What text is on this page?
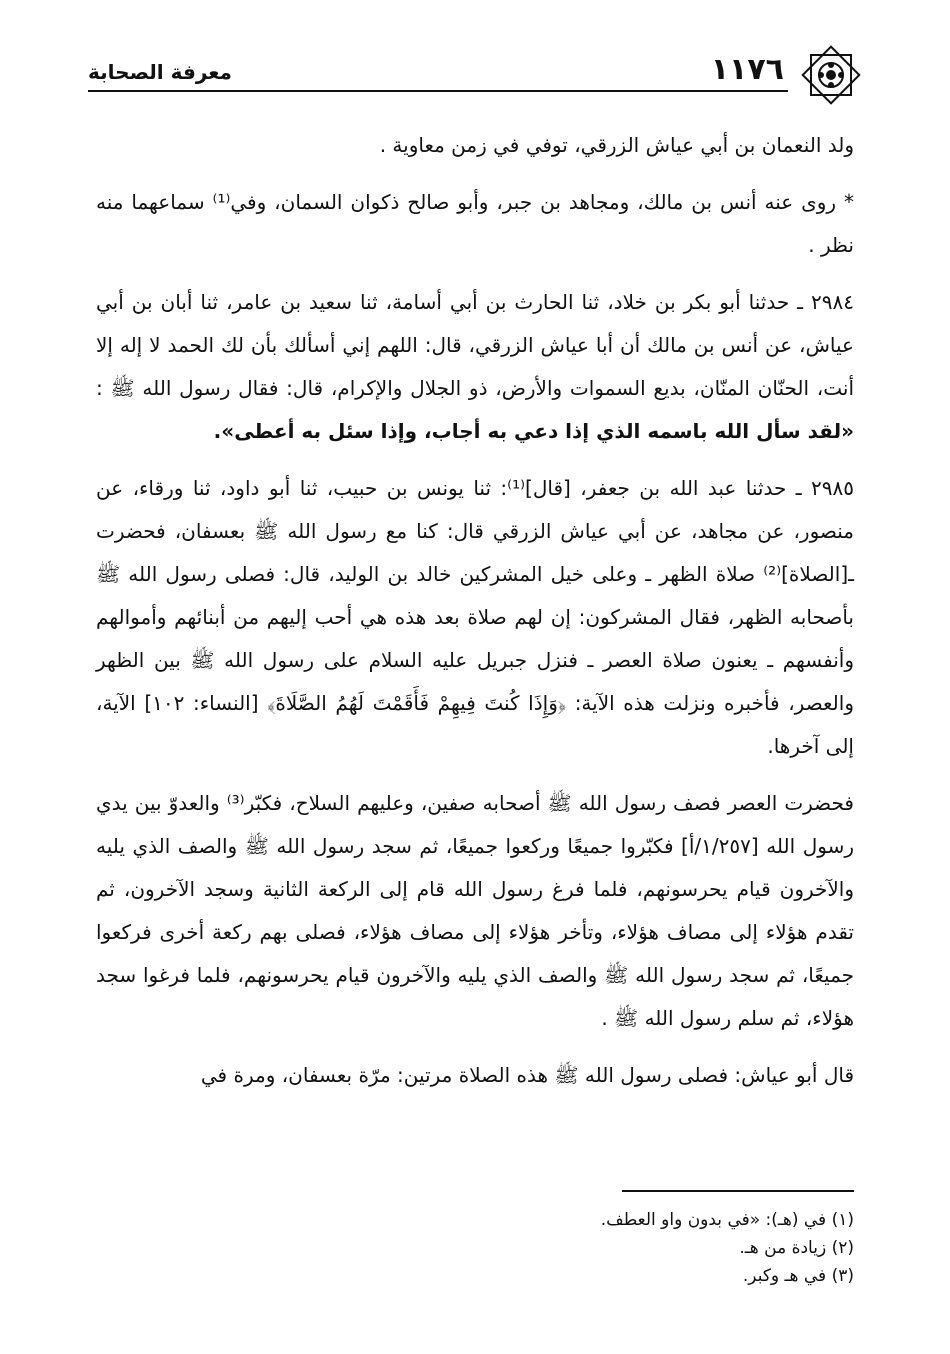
معرفة الصحابة	١١٧٦

ولد النعمان بن أبي عياش الزرقي، توفي في زمن معاوية .

* روى عنه أنس بن مالك، ومجاهد بن جبر، وأبو صالح ذكوان السمان، وفي⁽¹⁾ سماعهما منه نظر .

٢٩٨٤ ـ حدثنا أبو بكر بن خلاد، ثنا الحارث بن أبي أسامة، ثنا سعيد بن عامر، ثنا أبان بن أبي عياش، عن أنس بن مالك أن أبا عياش الزرقي، قال: اللهم إني أسألك بأن لك الحمد لا إله إلا أنت، الحنّان المنّان، بديع السموات والأرض، ذو الجلال والإكرام، قال: فقال رسول الله ﷺ : «لقد سأل الله باسمه الذي إذا دعي به أجاب، وإذا سئل به أعطى».

٢٩٨٥ ـ حدثنا عبد الله بن جعفر، [قال]⁽¹⁾: ثنا يونس بن حبيب، ثنا أبو داود، ثنا ورقاء، عن منصور، عن مجاهد، عن أبي عياش الزرقي قال: كنا مع رسول الله ﷺ بعسفان، فحضرت ـ[الصلاة]⁽²⁾ صلاة الظهر ـ وعلى خيل المشركين خالد بن الوليد، قال: فصلى رسول الله ﷺ بأصحابه الظهر، فقال المشركون: إن لهم صلاة بعد هذه هي أحب إليهم من أبنائهم وأموالهم وأنفسهم ـ يعنون صلاة العصر ـ فنزل جبريل عليه السلام على رسول الله ﷺ بين الظهر والعصر، فأخبره ونزلت هذه الآية: ﴿وَإِذَا كُنتَ فِيهِمْ فَأَقَمْتَ لَهُمُ الصَّلَاةَ﴾ [النساء: ١٠٢] الآية، إلى آخرها.

فحضرت العصر فصف رسول الله ﷺ أصحابه صفين، وعليهم السلاح، فكبّر⁽³⁾ والعدوّ بين يدي رسول الله [١/٢٥٧/أ] فكبّروا جميعًا وركعوا جميعًا، ثم سجد رسول الله ﷺ والصف الذي يليه والآخرون قيام يحرسونهم، فلما فرغ رسول الله قام إلى الركعة الثانية وسجد الآخرون، ثم تقدم هؤلاء إلى مصاف هؤلاء، وتأخر هؤلاء إلى مصاف هؤلاء، فصلى بهم ركعة أخرى فركعوا جميعًا، ثم سجد رسول الله ﷺ والصف الذي يليه والآخرون قيام يحرسونهم، فلما فرغوا سجد هؤلاء، ثم سلم رسول الله ﷺ .

قال أبو عياش: فصلى رسول الله ﷺ هذه الصلاة مرتين: مرّة بعسفان، ومرة في

(١) في (هـ): «في بدون واو العطف.
(٢) زيادة من هـ.
(٣) في هـ وكبر.
